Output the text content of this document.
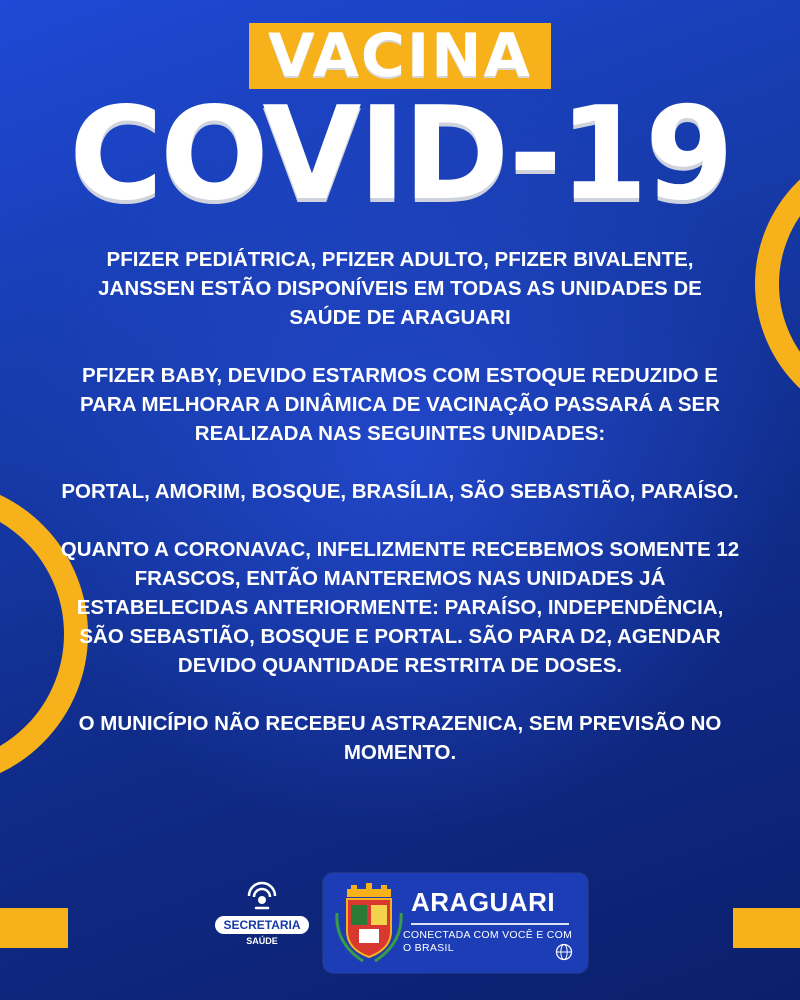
VACINA
COVID-19

PFIZER PEDIÁTRICA, PFIZER ADULTO, PFIZER BIVALENTE, JANSSEN ESTÃO DISPONÍVEIS EM TODAS AS UNIDADES DE SAÚDE DE ARAGUARI

PFIZER BABY, DEVIDO ESTARMOS COM ESTOQUE REDUZIDO E PARA MELHORAR A DINÂMICA DE VACINAÇÃO PASSARÁ A SER REALIZADA NAS SEGUINTES UNIDADES:

PORTAL, AMORIM, BOSQUE, BRASÍLIA, SÃO SEBASTIÃO, PARAÍSO.

QUANTO A CORONAVAC, INFELIZMENTE RECEBEMOS SOMENTE 12 FRASCOS, ENTÃO MANTEREMOS NAS UNIDADES JÁ ESTABELECIDAS ANTERIORMENTE: PARAÍSO, INDEPENDÊNCIA, SÃO SEBASTIÃO, BOSQUE E PORTAL. SÃO PARA D2, AGENDAR DEVIDO QUANTIDADE RESTRITA DE DOSES.

O MUNICÍPIO NÃO RECEBEU ASTRAZENICA, SEM PREVISÃO NO MOMENTO.

SECRETARIA
SAÚDE
ARAGUARI
CONECTADA COM VOCÊ E COM O BRASIL
